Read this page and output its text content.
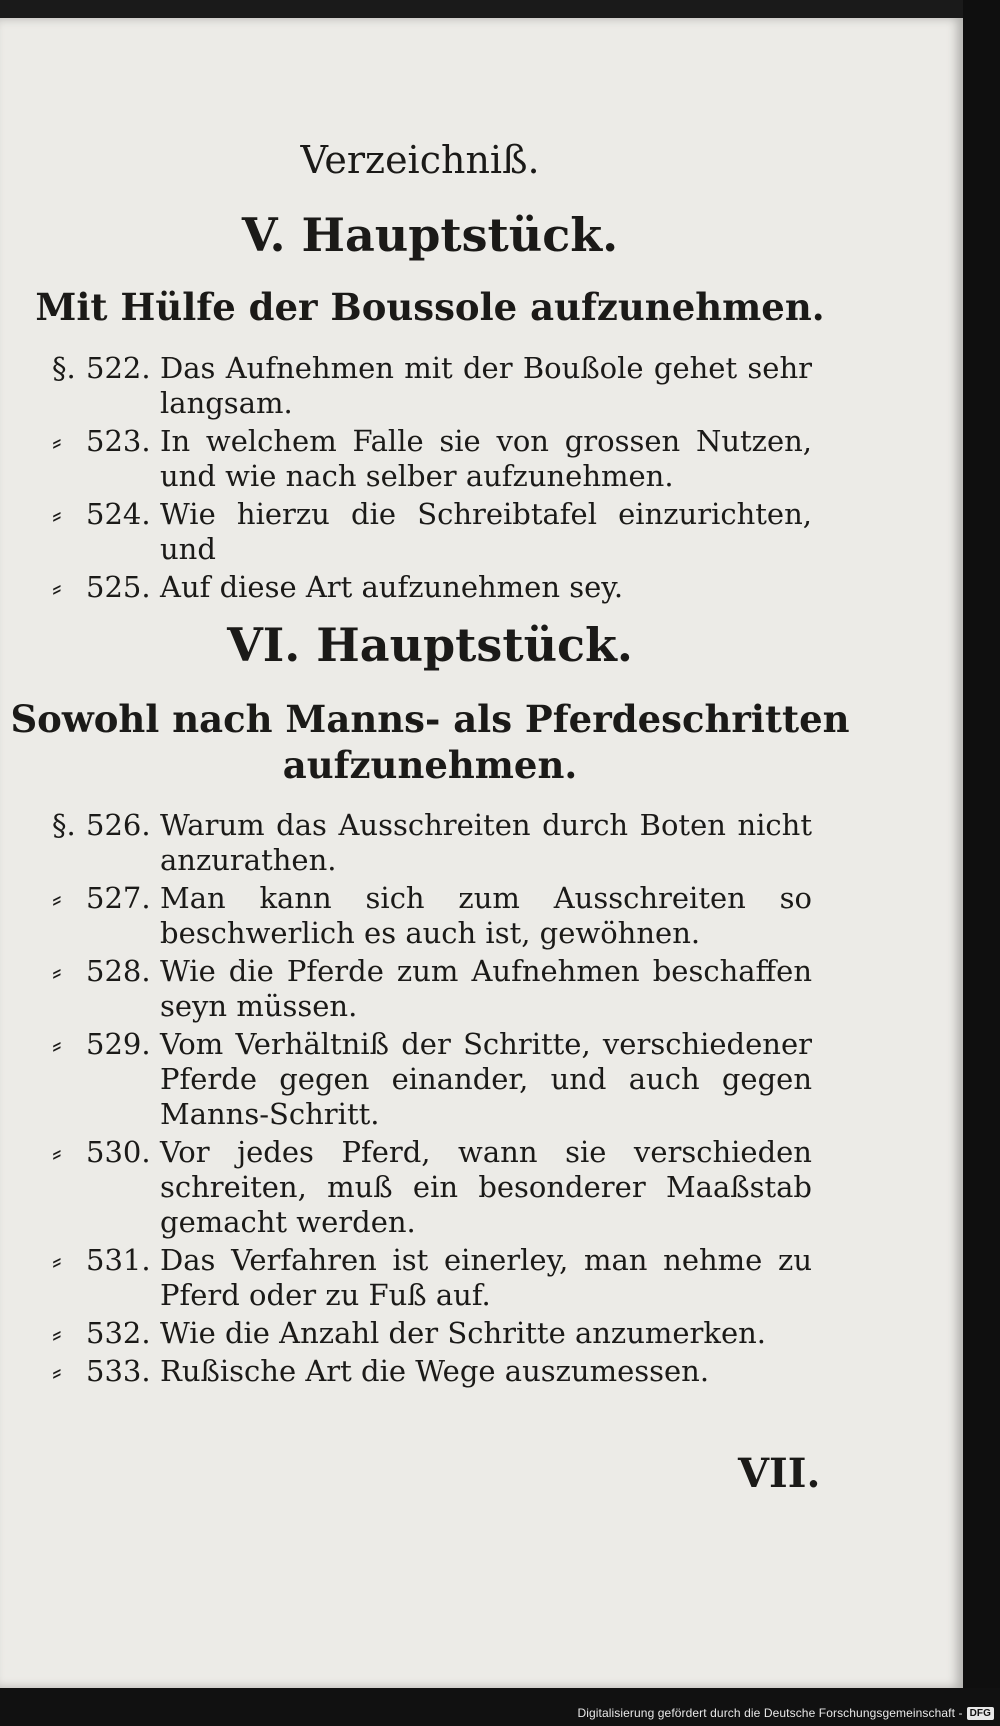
Verzeichniß.
V. Hauptstück.
Mit Hülfe der Boussole aufzunehmen.
§. 522. Das Aufnehmen mit der Boußole gehet sehr langsam.
⸗ 523. In welchem Falle sie von grossen Nutzen, und wie nach selber aufzunehmen.
⸗ 524. Wie hierzu die Schreibtafel einzurichten, und
⸗ 525. Auf diese Art aufzunehmen sey.
VI. Hauptstück.
Sowohl nach Manns- als Pferdeschritten
aufzunehmen.
§. 526. Warum das Ausschreiten durch Boten nicht anzurathen.
⸗ 527. Man kann sich zum Ausschreiten so beschwerlich es auch ist, gewöhnen.
⸗ 528. Wie die Pferde zum Aufnehmen beschaffen seyn müssen.
⸗ 529. Vom Verhältniß der Schritte, verschiedener Pferde gegen einander, und auch gegen Manns-Schritt.
⸗ 530. Vor jedes Pferd, wann sie verschieden schreiten, muß ein besonderer Maaßstab gemacht werden.
⸗ 531. Das Verfahren ist einerley, man nehme zu Pferd oder zu Fuß auf.
⸗ 532. Wie die Anzahl der Schritte anzumerken.
⸗ 533. Rußische Art die Wege auszumessen.
VII.
Digitalisierung gefördert durch die Deutsche Forschungsgemeinschaft - DFG
